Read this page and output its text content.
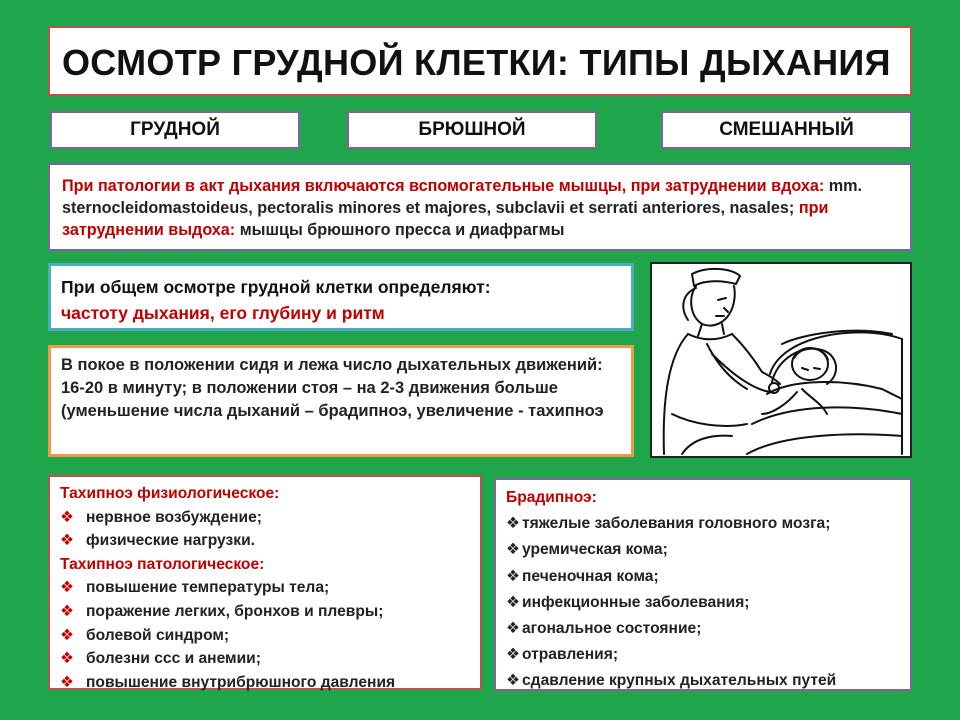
ОСМОТР ГРУДНОЙ КЛЕТКИ: ТИПЫ ДЫХАНИЯ
ГРУДНОЙ	БРЮШНОЙ	СМЕШАННЫЙ
При патологии в акт дыхания включаются вспомогательные мышцы, при затруднении вдоха: mm. sternocleidomastoideus, pectoralis minores et majores, subclavii et serrati anteriores, nasales; при затруднении выдоха: мышцы брюшного пресса и диафрагмы
При общем осмотре грудной клетки определяют:
частоту дыхания, его глубину и ритм
В покое в положении сидя и лежа число дыхательных движений: 16-20 в минуту; в положении стоя – на 2-3 движения больше (уменьшение числа дыханий – брадипноэ, увеличение - тахипноэ
Тахипноэ физиологическое:
❖ нервное возбуждение;
❖ физические нагрузки.
Тахипноэ патологическое:
❖ повышение температуры тела;
❖ поражение легких, бронхов и плевры;
❖ болевой синдром;
❖ болезни ссс и анемии;
❖ повышение внутрибрюшного давления
Брадипноэ:
❖ тяжелые заболевания головного мозга;
❖ уремическая кома;
❖ печеночная кома;
❖ инфекционные заболевания;
❖ агональное состояние;
❖ отравления;
❖ сдавление крупных дыхательных путей
